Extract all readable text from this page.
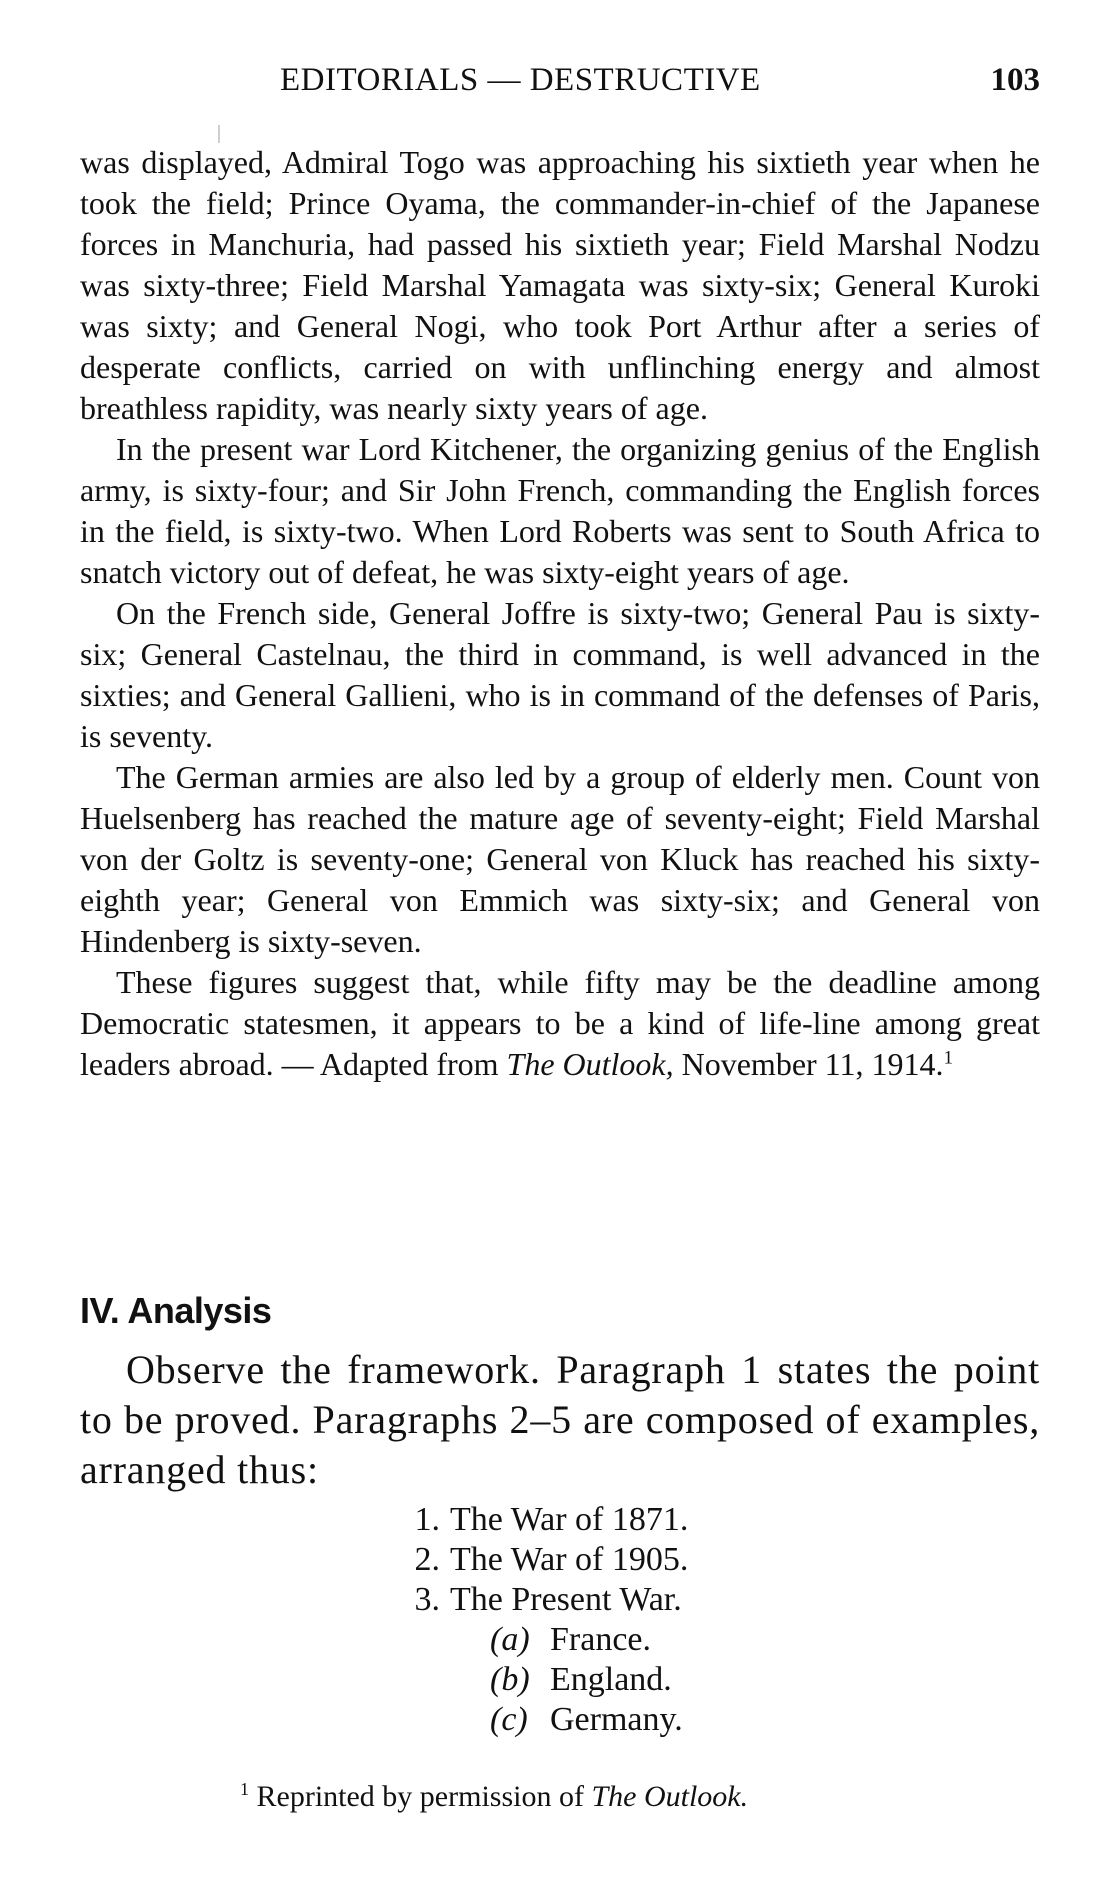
EDITORIALS — DESTRUCTIVE	103

was displayed, Admiral Togo was approaching his sixtieth year when he took the field; Prince Oyama, the commander-in-chief of the Japanese forces in Manchuria, had passed his sixtieth year; Field Marshal Nodzu was sixty-three; Field Marshal Yamagata was sixty-six; General Kuroki was sixty; and General Nogi, who took Port Arthur after a series of desperate conflicts, carried on with unflinching energy and almost breathless rapidity, was nearly sixty years of age.

In the present war Lord Kitchener, the organizing genius of the English army, is sixty-four; and Sir John French, commanding the English forces in the field, is sixty-two. When Lord Roberts was sent to South Africa to snatch victory out of defeat, he was sixty-eight years of age.

On the French side, General Joffre is sixty-two; General Pau is sixty-six; General Castelnau, the third in command, is well advanced in the sixties; and General Gallieni, who is in command of the defenses of Paris, is seventy.

The German armies are also led by a group of elderly men. Count von Huelsenberg has reached the mature age of seventy-eight; Field Marshal von der Goltz is seventy-one; General von Kluck has reached his sixty-eighth year; General von Emmich was sixty-six; and General von Hindenberg is sixty-seven.

These figures suggest that, while fifty may be the deadline among Democratic statesmen, it appears to be a kind of life-line among great leaders abroad. — Adapted from The Outlook, November 11, 1914.$^1$

IV. Analysis

Observe the framework. Paragraph 1 states the point to be proved. Paragraphs 2–5 are composed of examples, arranged thus:

1. The War of 1871.
2. The War of 1905.
3. The Present War.
(a) France.
(b) England.
(c) Germany.
$^1$ Reprinted by permission of The Outlook.
